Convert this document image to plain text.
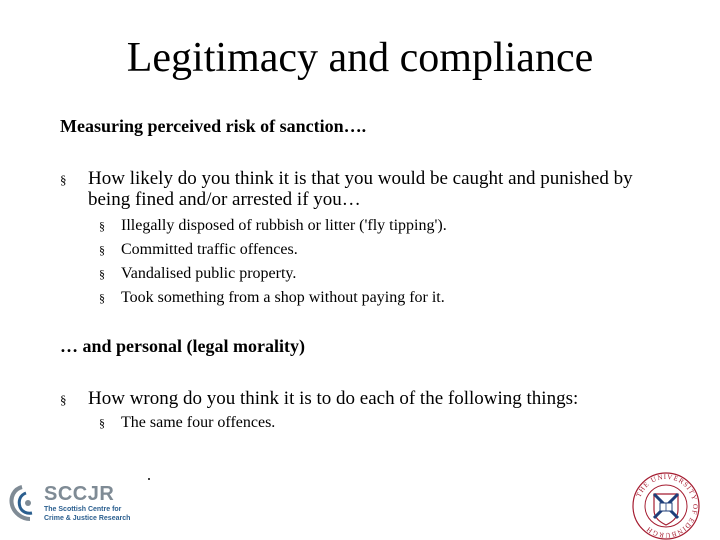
Legitimacy and compliance
Measuring perceived risk of sanction….
§ How likely do you think it is that you would be caught and punished by being fined and/or arrested if you…
§ Illegally disposed of rubbish or litter ('fly tipping').
§ Committed traffic offences.
§ Vandalised public property.
§ Took something from a shop without paying for it.
… and personal (legal morality)
§ How wrong do you think it is to do each of the following things:
§ The same four offences.
SCCJR
The Scottish Centre for
Crime & Justice Research
THE UNIVERSITY OF EDINBURGH
